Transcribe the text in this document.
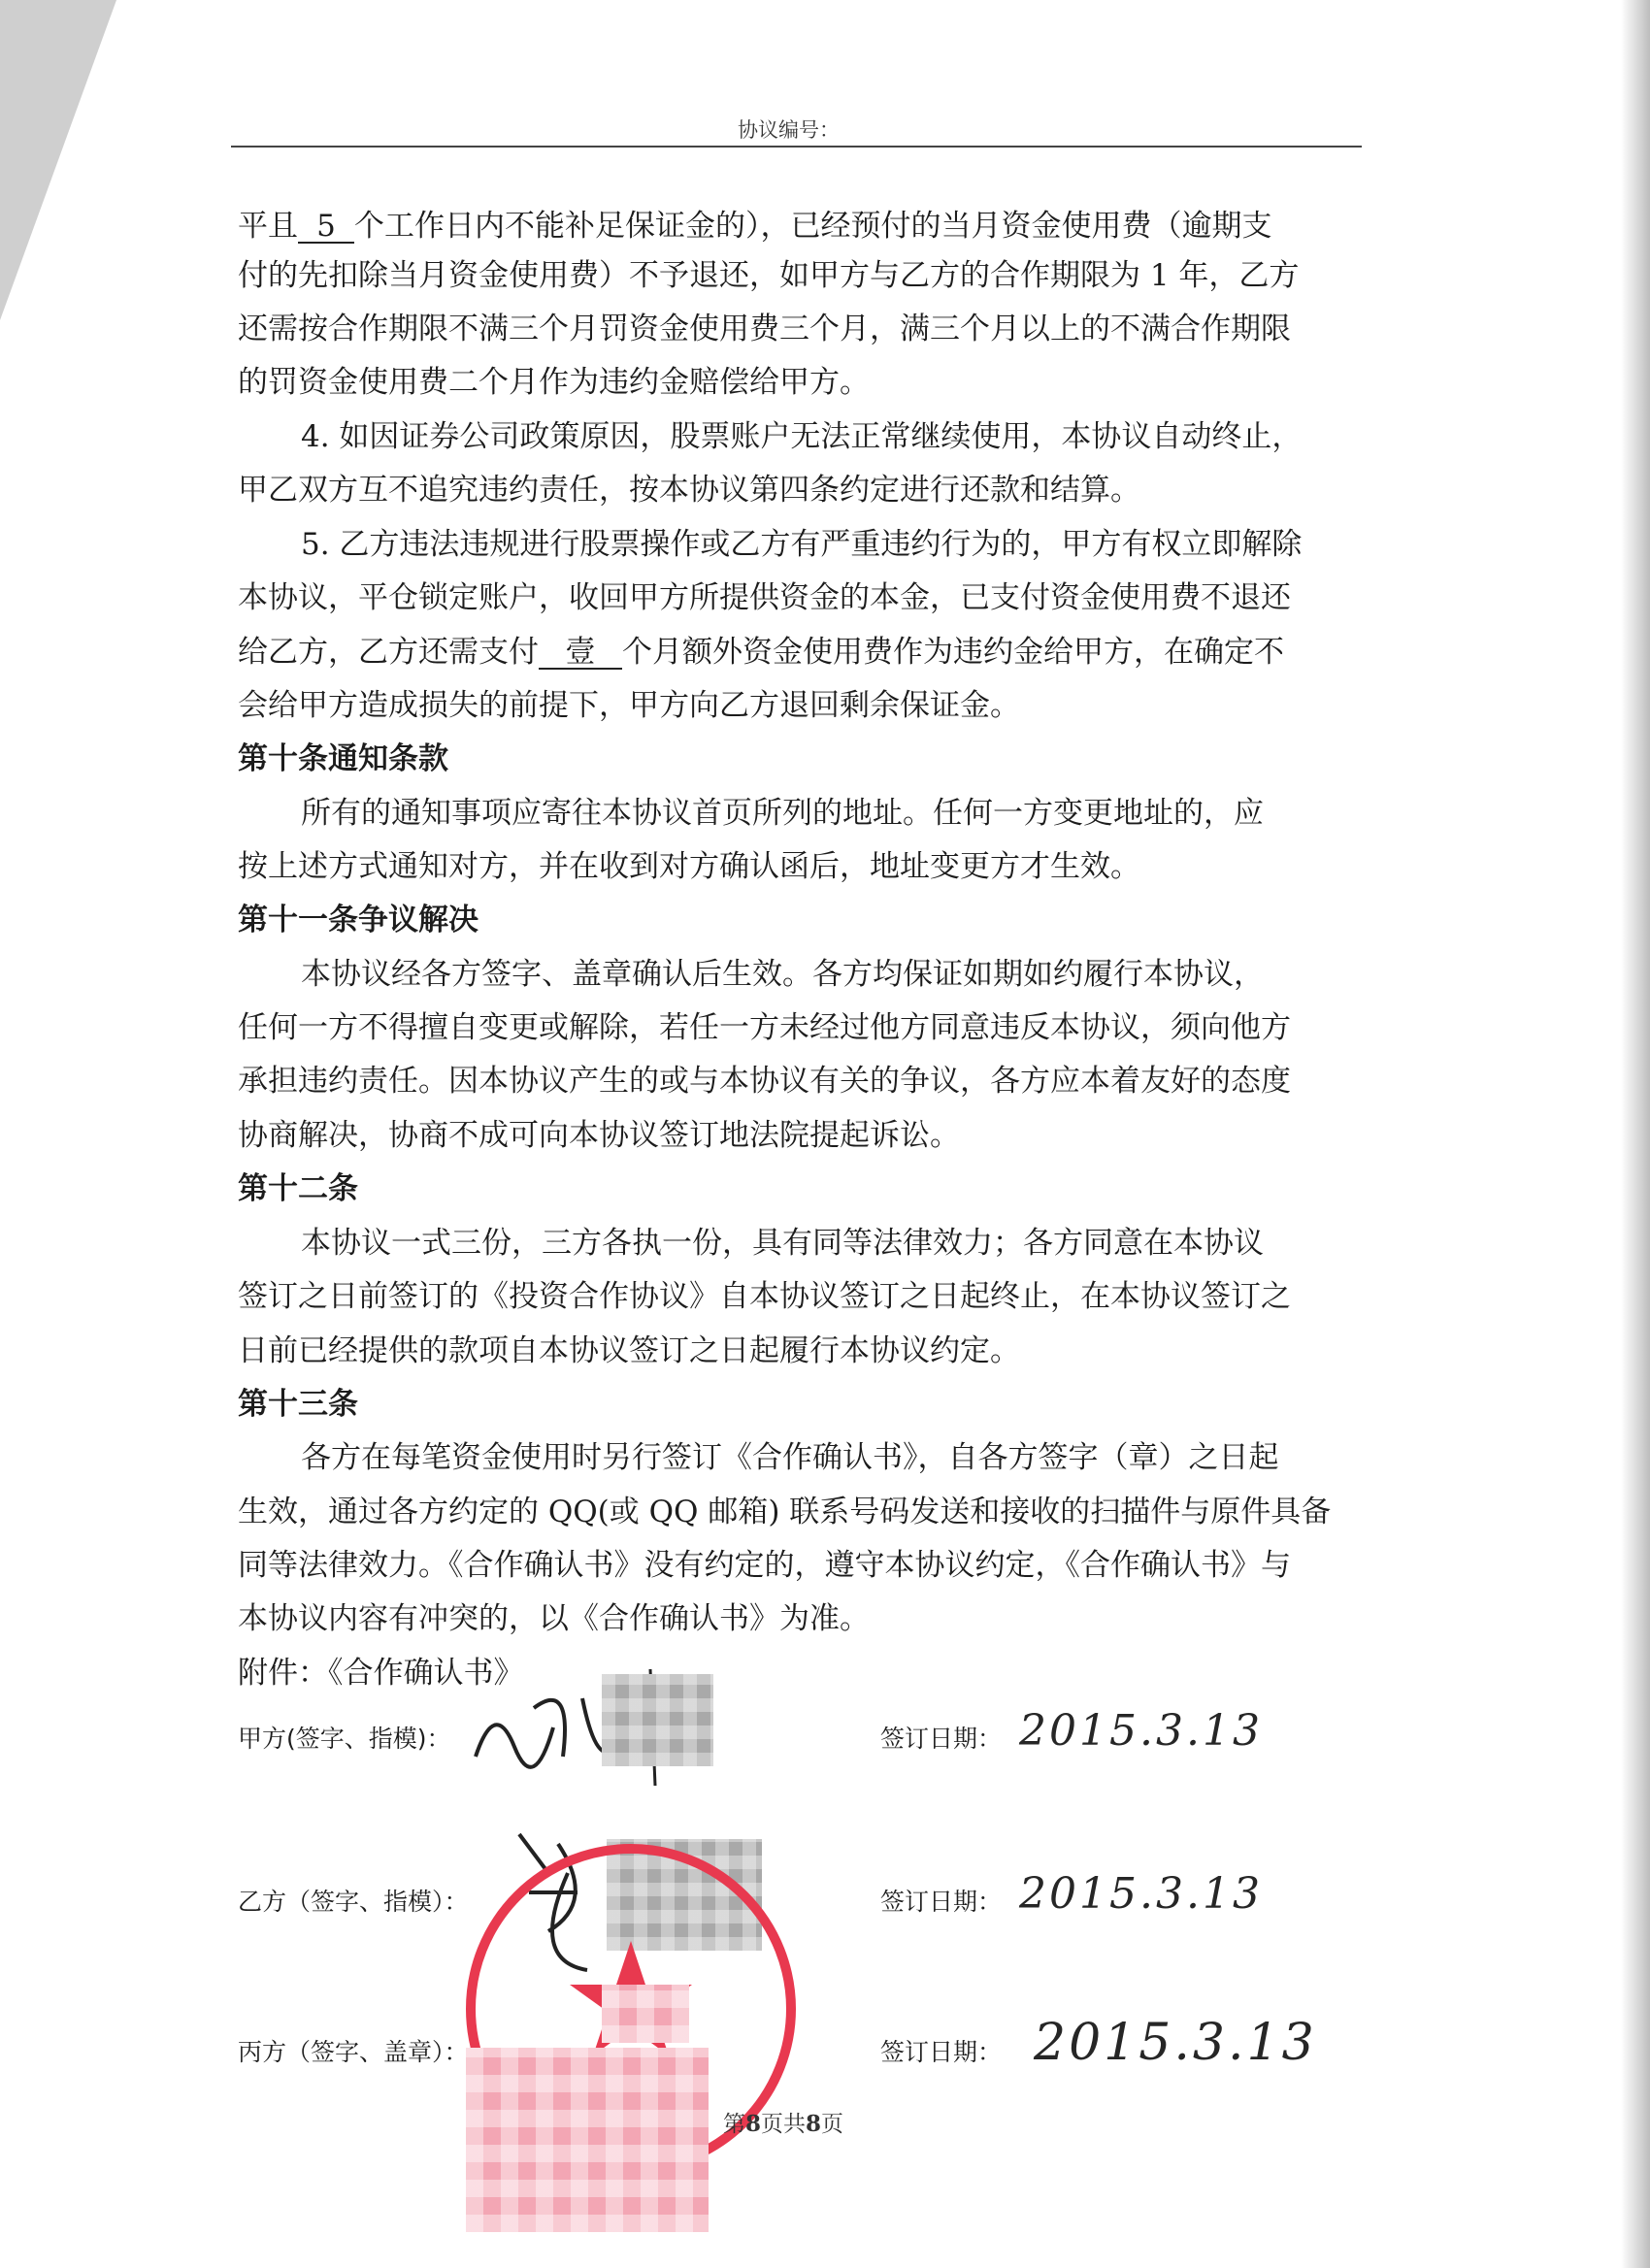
协议编号：
平且 5 个工作日内不能补足保证金的），已经预付的当月资金使用费（逾期支
付的先扣除当月资金使用费）不予退还，如甲方与乙方的合作期限为 1 年，乙方
还需按合作期限不满三个月罚资金使用费三个月，满三个月以上的不满合作期限
的罚资金使用费二个月作为违约金赔偿给甲方。
4. 如因证券公司政策原因，股票账户无法正常继续使用，本协议自动终止，
甲乙双方互不追究违约责任，按本协议第四条约定进行还款和结算。
5. 乙方违法违规进行股票操作或乙方有严重违约行为的，甲方有权立即解除
本协议，平仓锁定账户，收回甲方所提供资金的本金，已支付资金使用费不退还
给乙方，乙方还需支付 壹 个月额外资金使用费作为违约金给甲方，在确定不
会给甲方造成损失的前提下，甲方向乙方退回剩余保证金。
第十条通知条款
所有的通知事项应寄往本协议首页所列的地址。任何一方变更地址的，应
按上述方式通知对方，并在收到对方确认函后，地址变更方才生效。
第十一条争议解决
本协议经各方签字、盖章确认后生效。各方均保证如期如约履行本协议，
任何一方不得擅自变更或解除，若任一方未经过他方同意违反本协议，须向他方
承担违约责任。因本协议产生的或与本协议有关的争议，各方应本着友好的态度
协商解决，协商不成可向本协议签订地法院提起诉讼。
第十二条
本协议一式三份，三方各执一份，具有同等法律效力；各方同意在本协议
签订之日前签订的《投资合作协议》自本协议签订之日起终止，在本协议签订之
日前已经提供的款项自本协议签订之日起履行本协议约定。
第十三条
各方在每笔资金使用时另行签订《合作确认书》，自各方签字（章）之日起
生效，通过各方约定的 QQ(或 QQ 邮箱) 联系号码发送和接收的扫描件与原件具备
同等法律效力。《合作确认书》没有约定的，遵守本协议约定，《合作确认书》与
本协议内容有冲突的，以《合作确认书》为准。
附件：《合作确认书》
甲方(签字、指模)：	签订日期： 2015.3.13
乙方（签字、指模）：	签订日期： 2015.3.13
丙方（签字、盖章）：	签订日期： 2015.3.13
第8页共8页
